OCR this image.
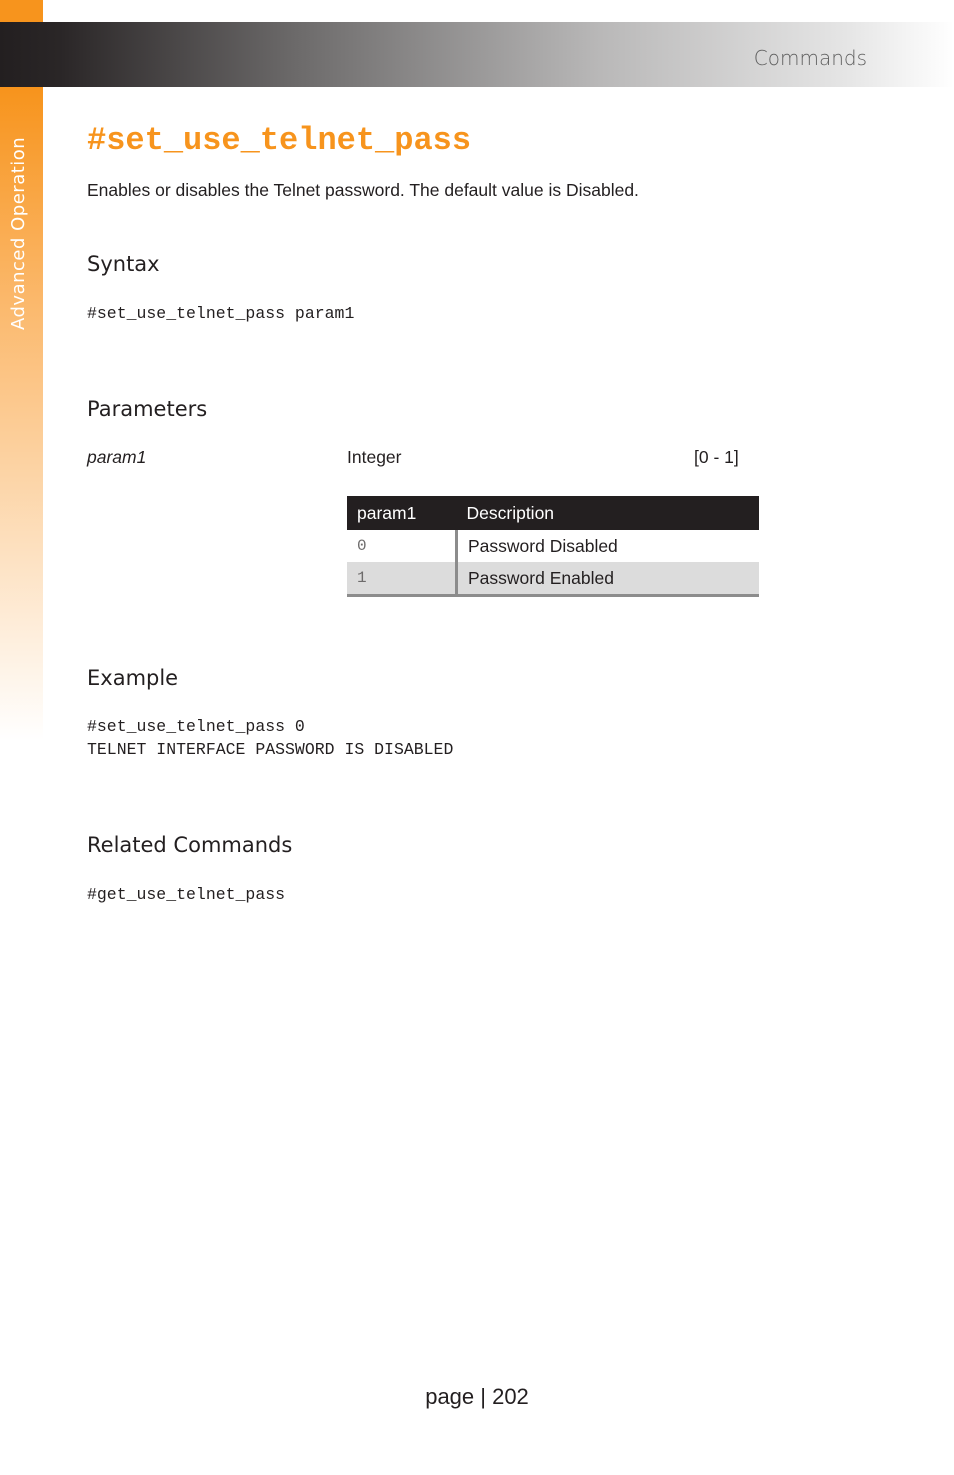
Advanced Operation
Commands
#set_use_telnet_pass

Enables or disables the Telnet password. The default value is Disabled.

Syntax
#set_use_telnet_pass param1
Parameters
param1	Integer	[0 - 1]
param1	Description
0	Password Disabled
1	Password Enabled
Example
#set_use_telnet_pass 0
TELNET INTERFACE PASSWORD IS DISABLED
Related Commands
#get_use_telnet_pass
page | 202
